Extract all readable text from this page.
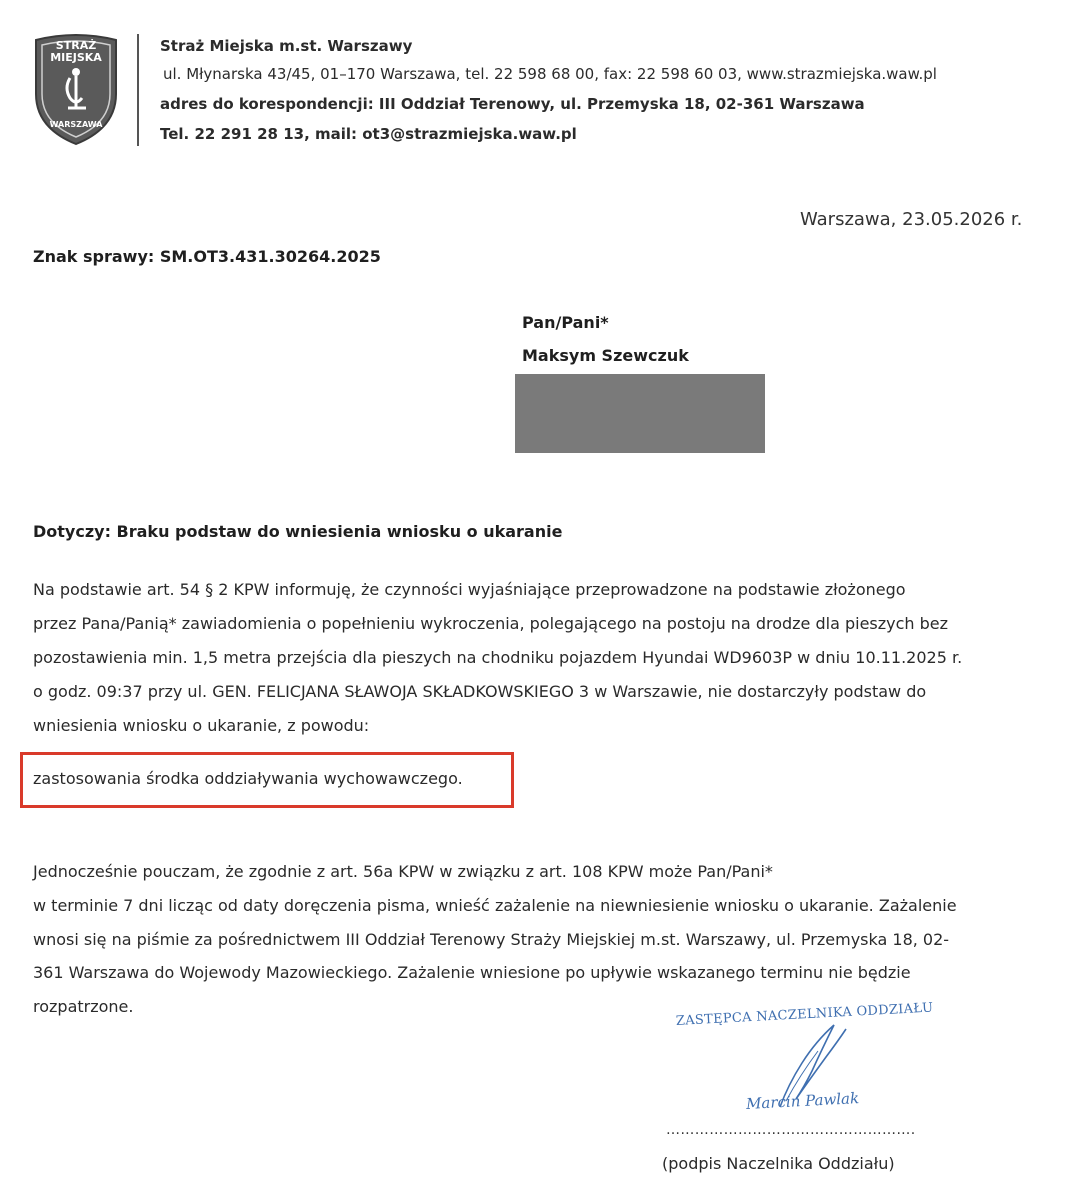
STRAŻ MIEJSKA
WARSZAWA
Straż Miejska m.st. Warszawy
ul. Młynarska 43/45, 01–170 Warszawa, tel. 22 598 68 00, fax: 22 598 60 03, www.strazmiejska.waw.pl
adres do korespondencji: III Oddział Terenowy, ul. Przemyska 18, 02-361 Warszawa
Tel. 22 291 28 13, mail: ot3@strazmiejska.waw.pl
Warszawa, 23.05.2026 r.
Znak sprawy: SM.OT3.431.30264.2025
Pan/Pani*
Maksym Szewczuk
Dotyczy: Braku podstaw do wniesienia wniosku o ukaranie
Na podstawie art. 54 § 2 KPW informuję, że czynności wyjaśniające przeprowadzone na podstawie złożonego
przez Pana/Panią* zawiadomienia o popełnieniu wykroczenia, polegającego na postoju na drodze dla pieszych bez
pozostawienia min. 1,5 metra przejścia dla pieszych na chodniku pojazdem Hyundai WD9603P w dniu 10.11.2025 r.
o godz. 09:37 przy ul. GEN. FELICJANA SŁAWOJA SKŁADKOWSKIEGO 3 w Warszawie, nie dostarczyły podstaw do
wniesienia wniosku o ukaranie, z powodu:
zastosowania środka oddziaływania wychowawczego.
Jednocześnie pouczam, że zgodnie z art. 56a KPW w związku z art. 108 KPW może Pan/Pani*
w terminie 7 dni licząc od daty doręczenia pisma, wnieść zażalenie na niewniesienie wniosku o ukaranie. Zażalenie
wnosi się na piśmie za pośrednictwem III Oddział Terenowy Straży Miejskiej m.st. Warszawy, ul. Przemyska 18, 02-
361 Warszawa do Wojewody Mazowieckiego. Zażalenie wniesione po upływie wskazanego terminu nie będzie
rozpatrzone.	ZASTĘPCA NACZELNIKA ODDZIAŁU
Marcin Pawlak
…………………………………………….
(podpis Naczelnika Oddziału)
